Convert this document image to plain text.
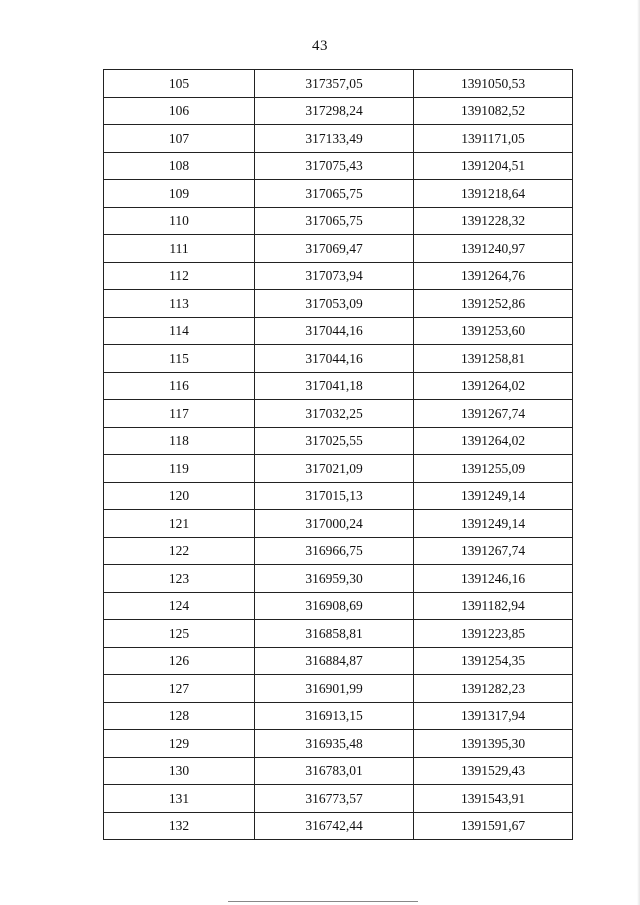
43
105	317357,05	1391050,53
106	317298,24	1391082,52
107	317133,49	1391171,05
108	317075,43	1391204,51
109	317065,75	1391218,64
110	317065,75	1391228,32
111	317069,47	1391240,97
112	317073,94	1391264,76
113	317053,09	1391252,86
114	317044,16	1391253,60
115	317044,16	1391258,81
116	317041,18	1391264,02
117	317032,25	1391267,74
118	317025,55	1391264,02
119	317021,09	1391255,09
120	317015,13	1391249,14
121	317000,24	1391249,14
122	316966,75	1391267,74
123	316959,30	1391246,16
124	316908,69	1391182,94
125	316858,81	1391223,85
126	316884,87	1391254,35
127	316901,99	1391282,23
128	316913,15	1391317,94
129	316935,48	1391395,30
130	316783,01	1391529,43
131	316773,57	1391543,91
132	316742,44	1391591,67
